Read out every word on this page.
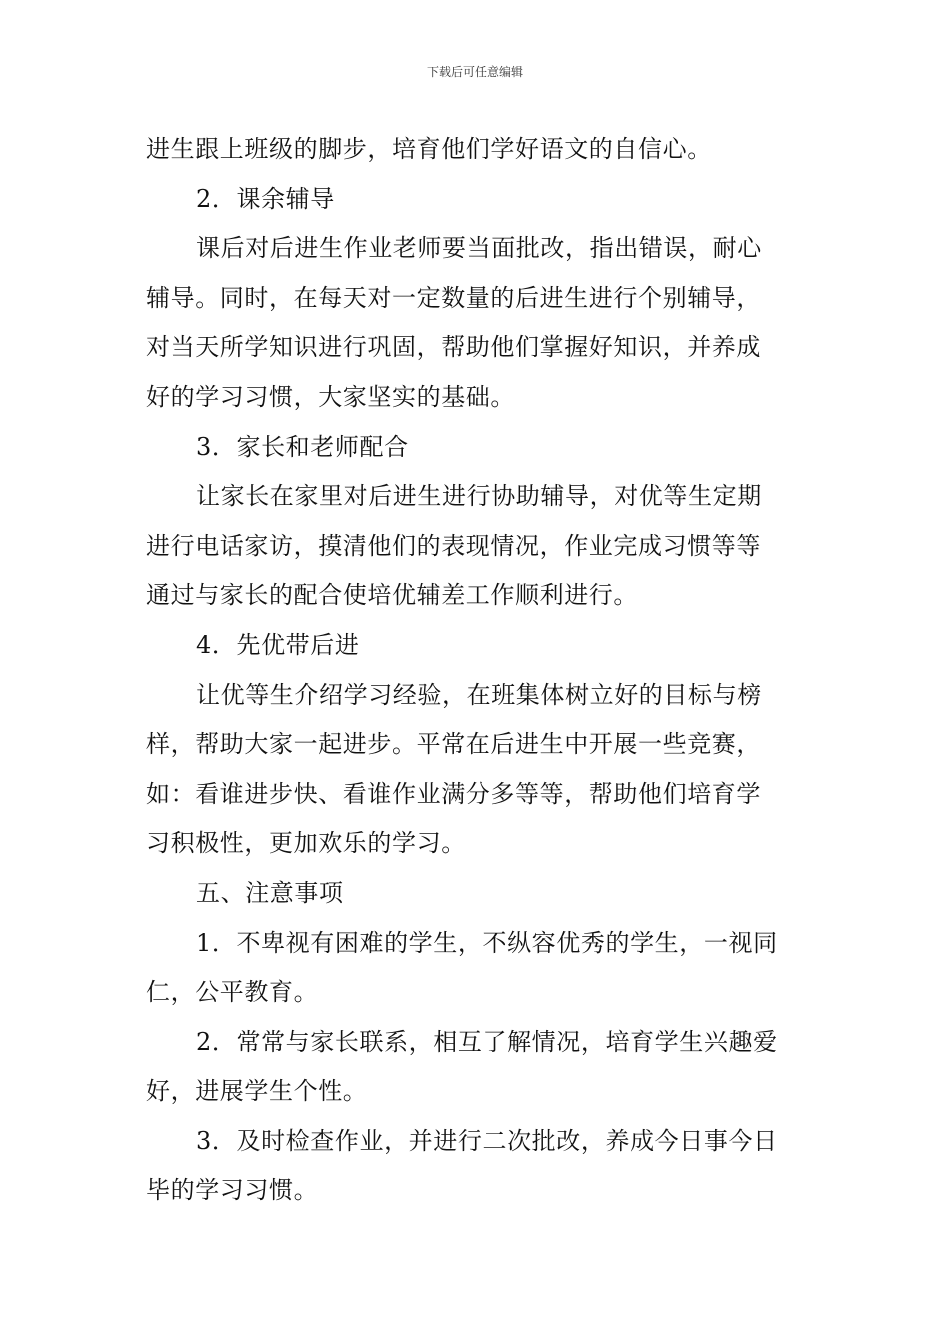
下载后可任意编辑
进生跟上班级的脚步，培育他们学好语文的自信心。
2．课余辅导
课后对后进生作业老师要当面批改，指出错误，耐心
辅导。同时，在每天对一定数量的后进生进行个别辅导，
对当天所学知识进行巩固，帮助他们掌握好知识，并养成
好的学习习惯，大家坚实的基础。
3．家长和老师配合
让家长在家里对后进生进行协助辅导，对优等生定期
进行电话家访，摸清他们的表现情况，作业完成习惯等等
通过与家长的配合使培优辅差工作顺利进行。
4．先优带后进
让优等生介绍学习经验，在班集体树立好的目标与榜
样，帮助大家一起进步。平常在后进生中开展一些竞赛，
如：看谁进步快、看谁作业满分多等等，帮助他们培育学
习积极性，更加欢乐的学习。
五、注意事项
1．不卑视有困难的学生，不纵容优秀的学生，一视同
仁，公平教育。
2．常常与家长联系，相互了解情况，培育学生兴趣爱
好，进展学生个性。
3．及时检查作业，并进行二次批改，养成今日事今日
毕的学习习惯。
